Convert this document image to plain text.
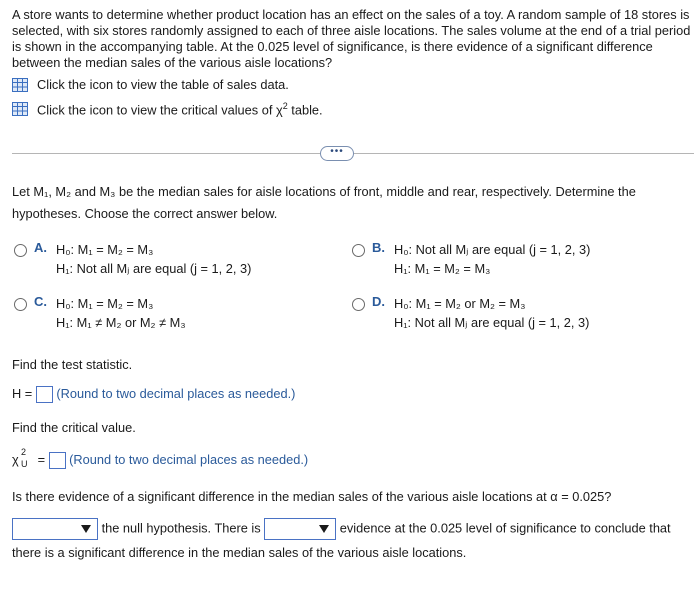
A store wants to determine whether product location has an effect on the sales of a toy. A random sample of 18 stores is selected, with six stores randomly assigned to each of three aisle locations. The sales volume at the end of a trial period is shown in the accompanying table. At the 0.025 level of significance, is there evidence of a significant difference between the median sales of the various aisle locations?
Click the icon to view the table of sales data.
Click the icon to view the critical values of $\chi^2$ table.
•••
Let M₁, M₂ and M₃ be the median sales for aisle locations of front, middle and rear, respectively. Determine the
hypotheses. Choose the correct answer below.
A. H₀: M₁ = M₂ = M₃
H₁: Not all Mⱼ are equal (j = 1, 2, 3)
B. H₀: Not all Mⱼ are equal (j = 1, 2, 3)
H₁: M₁ = M₂ = M₃
C. H₀: M₁ = M₂ = M₃
H₁: M₁ ≠ M₂ or M₂ ≠ M₃
D. H₀: M₁ = M₂ or M₂ = M₃
H₁: Not all Mⱼ are equal (j = 1, 2, 3)
Find the test statistic.
H = (Round to two decimal places as needed.)
Find the critical value.
χ 2
U = (Round to two decimal places as needed.)
Is there evidence of a significant difference in the median sales of the various aisle locations at α = 0.025?
the null hypothesis. There is	evidence at the 0.025 level of significance to conclude that
there is a significant difference in the median sales of the various aisle locations.
